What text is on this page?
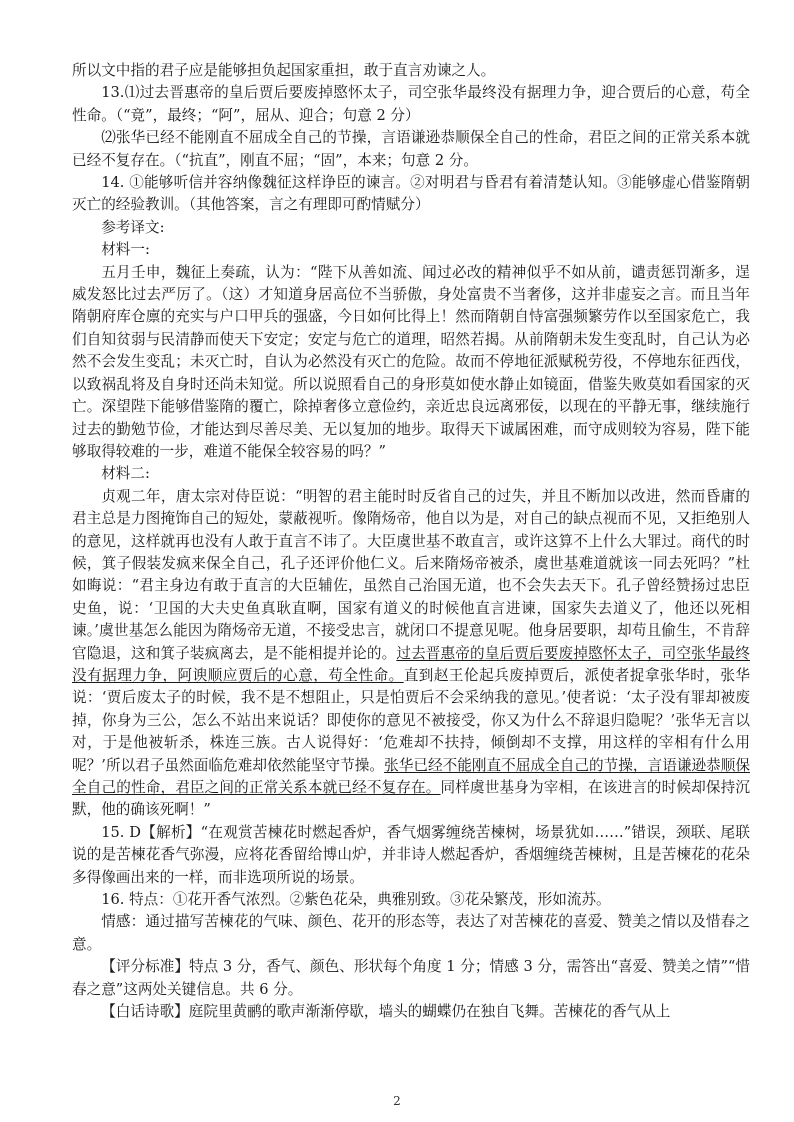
所以文中指的君子应是能够担负起国家重担，敢于直言劝谏之人。

13.⑴过去晋惠帝的皇后贾后要废掉愍怀太子，司空张华最终没有据理力争，迎合贾后的心意，苟全性命。（“竟”，最终；“阿”，屈从、迎合；句意 2 分）

⑵张华已经不能刚直不屈成全自己的节操，言语谦逊恭顺保全自己的性命，君臣之间的正常关系本就已经不复存在。（“抗直”，刚直不屈；“固”，本来；句意 2 分。

14. ①能够听信并容纳像魏征这样诤臣的谏言。②对明君与昏君有着清楚认知。③能够虚心借鉴隋朝灭亡的经验教训。（其他答案，言之有理即可酌情赋分）

参考译文:

材料一:

五月壬申，魏征上奏疏，认为：“陛下从善如流、闻过必改的精神似乎不如从前，谴责惩罚渐多，逞威发怒比过去严厉了。（这）才知道身居高位不当骄傲，身处富贵不当奢侈，这并非虚妄之言。而且当年隋朝府库仓廪的充实与户口甲兵的强盛，今日如何比得上！然而隋朝自恃富强频繁劳作以至国家危亡，我们自知贫弱与民清静而使天下安定；安定与危亡的道理，昭然若揭。从前隋朝未发生变乱时，自己认为必然不会发生变乱；未灭亡时，自认为必然没有灭亡的危险。故而不停地征派赋税劳役，不停地东征西伐，以致祸乱将及自身时还尚未知觉。所以说照看自己的身形莫如使水静止如镜面，借鉴失败莫如看国家的灭亡。深望陛下能够借鉴隋的覆亡，除掉奢侈立意俭约，亲近忠良远离邪佞，以现在的平静无事，继续施行过去的勤勉节俭，才能达到尽善尽美、无以复加的地步。取得天下诚属困难，而守成则较为容易，陛下能够取得较难的一步，难道不能保全较容易的吗？”

材料二:

贞观二年，唐太宗对侍臣说：“明智的君主能时时反省自己的过失，并且不断加以改进，然而昏庸的君主总是力图掩饰自己的短处，蒙蔽视听。像隋炀帝，他自以为是，对自己的缺点视而不见，又拒绝别人的意见，这样就再也没有人敢于直言不讳了。大臣虞世基不敢直言，或许这算不上什么大罪过。商代的时候，箕子假装发疯来保全自己，孔子还评价他仁义。后来隋炀帝被杀，虞世基难道就该一同去死吗？”杜如晦说：“君主身边有敢于直言的大臣辅佐，虽然自己治国无道，也不会失去天下。孔子曾经赞扬过忠臣史鱼，说：‘卫国的大夫史鱼真耿直啊，国家有道义的时候他直言进谏，国家失去道义了，他还以死相谏。’虞世基怎么能因为隋炀帝无道，不接受忠言，就闭口不提意见呢。他身居要职，却苟且偷生，不肯辞官隐退，这和箕子装疯离去，是不能相提并论的。过去晋惠帝的皇后贾后要废掉愍怀太子，司空张华最终没有据理力争，阿谀顺应贾后的心意，苟全性命。直到赵王伦起兵废掉贾后，派使者捉拿张华时，张华说：‘贾后废太子的时候，我不是不想阻止，只是怕贾后不会采纳我的意见。’使者说：‘太子没有罪却被废掉，你身为三公，怎么不站出来说话？即使你的意见不被接受，你又为什么不辞退归隐呢？’张华无言以对，于是他被斩杀，株连三族。古人说得好：‘危难却不扶持，倾倒却不支撑，用这样的宰相有什么用呢？’所以君子虽然面临危难却依然能坚守节操。张华已经不能刚直不屈成全自己的节操，言语谦逊恭顺保全自己的性命，君臣之间的正常关系本就已经不复存在。同样虞世基身为宰相，在该进言的时候却保持沉默，他的确该死啊！”

15. D【解析】“在观赏苦楝花时燃起香炉，香气烟雾缠绕苦楝树，场景犹如……”错误，颈联、尾联说的是苦楝花香气弥漫，应将花香留给博山炉，并非诗人燃起香炉，香烟缠绕苦楝树，且是苦楝花的花朵多得像画出来的一样，而非选项所说的场景。

16. 特点：①花开香气浓烈。②紫色花朵，典雅别致。③花朵繁茂，形如流苏。

情感：通过描写苦楝花的气味、颜色、花开的形态等，表达了对苦楝花的喜爱、赞美之情以及惜春之意。

【评分标准】特点 3 分，香气、颜色、形状每个角度 1 分；情感 3 分，需答出“喜爱、赞美之情”“惜春之意”这两处关键信息。共 6 分。

【白话诗歌】庭院里黄鹂的歌声渐渐停歇，墙头的蝴蝶仍在独自飞舞。苦楝花的香气从上

2
